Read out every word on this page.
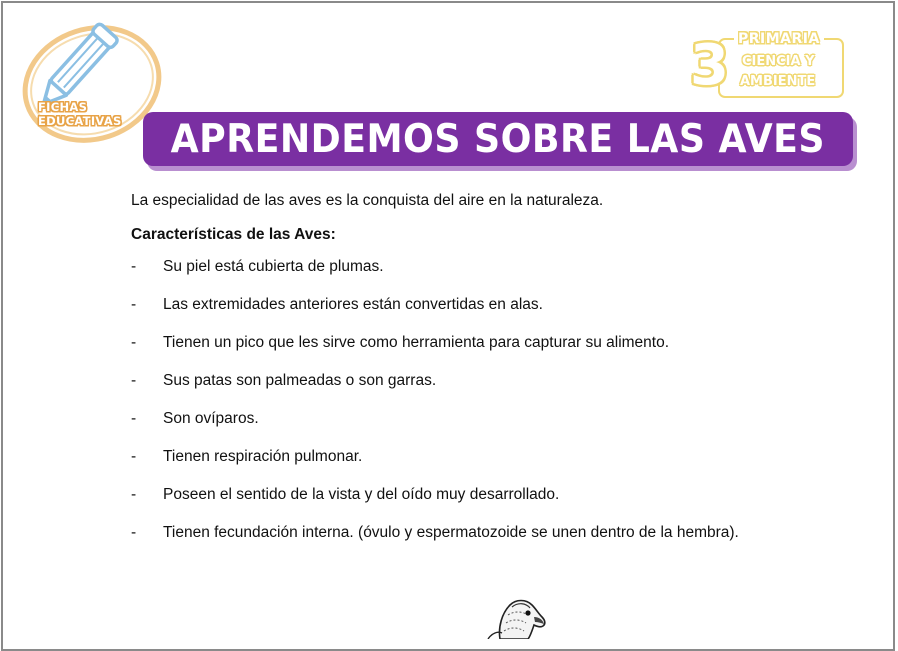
FICHAS
EDUCATIVAS
PRIMARIA
CIENCIA Y
AMBIENTE
3
APRENDEMOS SOBRE LAS AVES

La especialidad de las aves es la conquista del aire en la naturaleza.

Características de las Aves:

-	Su piel está cubierta de plumas.
-	Las extremidades anteriores están convertidas en alas.
-	Tienen un pico que les sirve como herramienta para capturar su alimento.
-	Sus patas son palmeadas o son garras.
-	Son ovíparos.
-	Tienen respiración pulmonar.
-	Poseen el sentido de la vista y del oído muy desarrollado.
-	Tienen fecundación interna. (óvulo y espermatozoide se unen dentro de la hembra).
